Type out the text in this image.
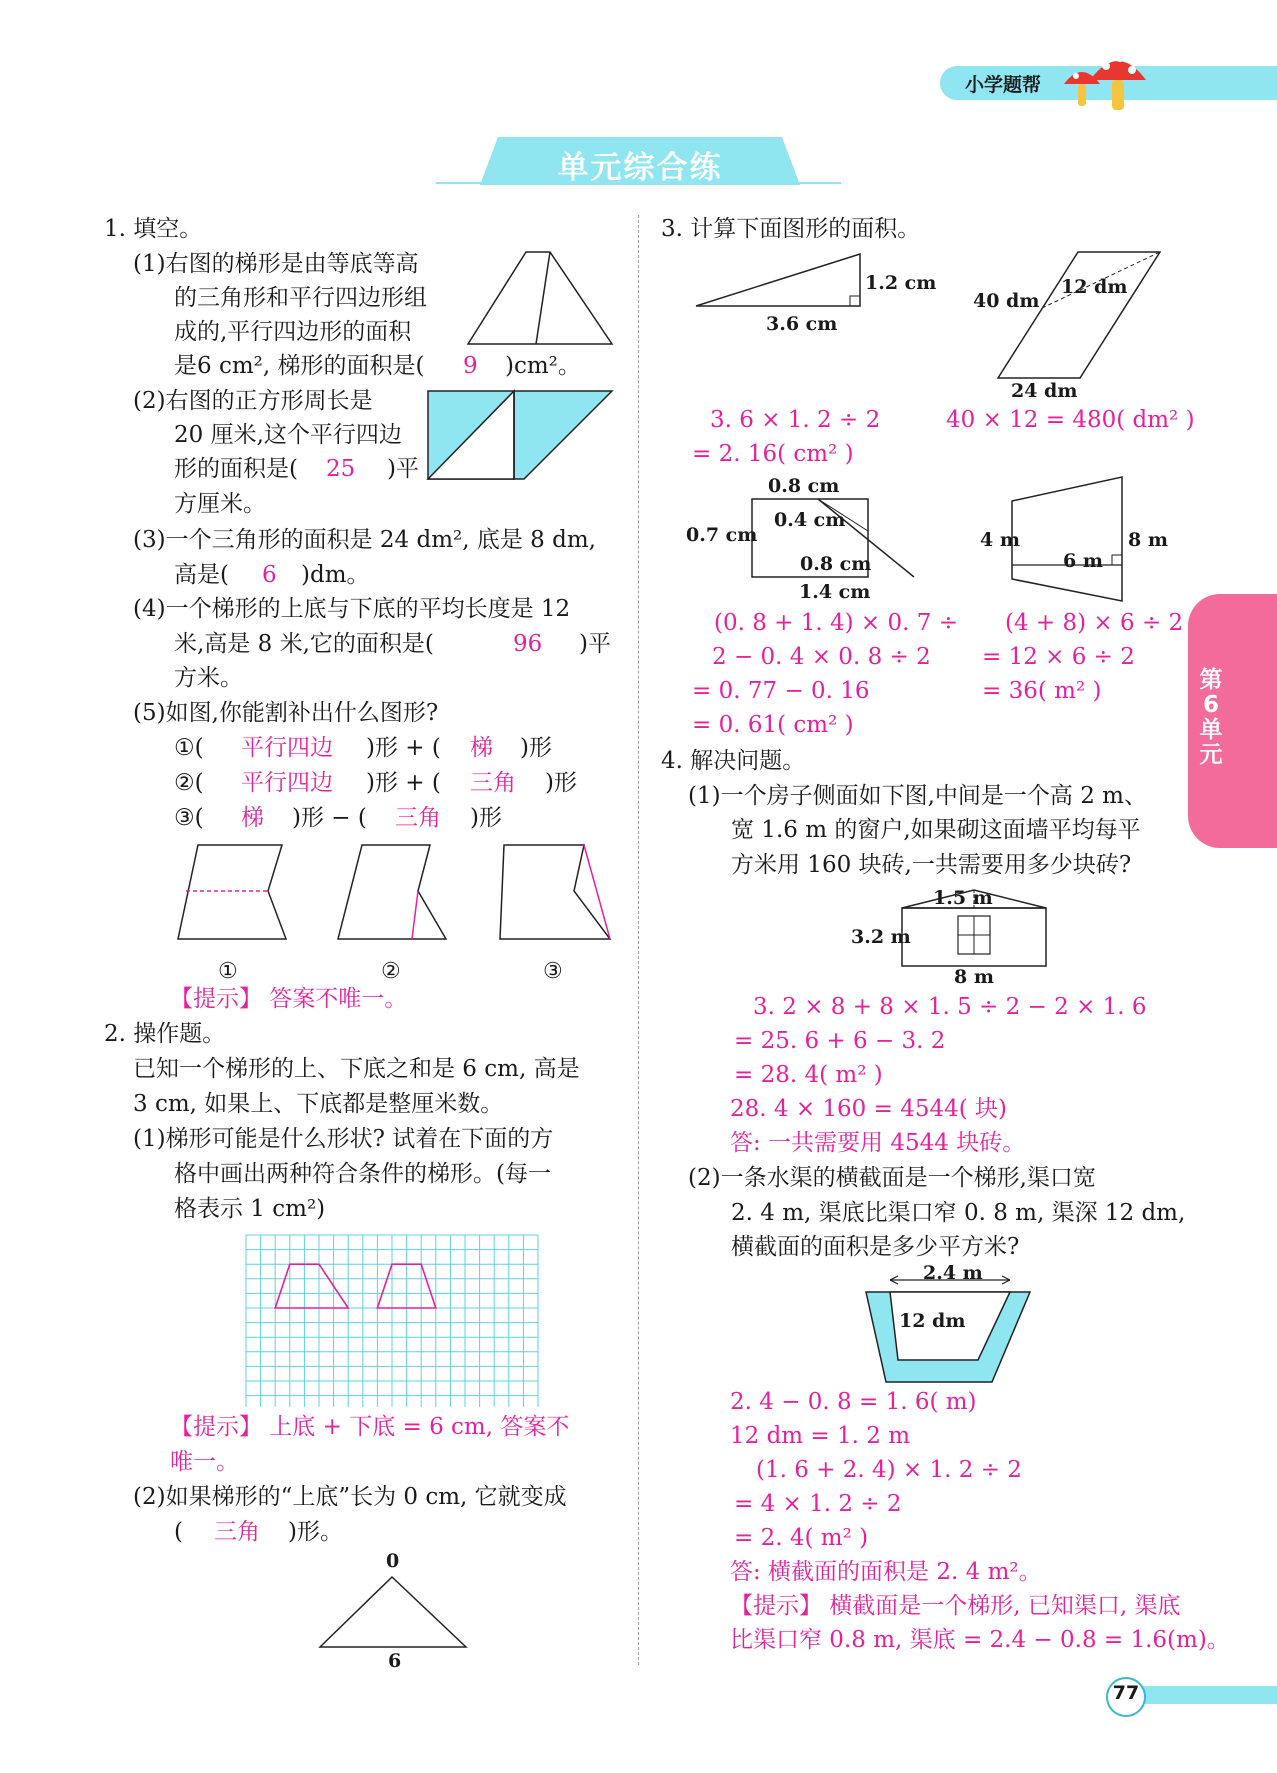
小学题帮
单元综合练
第6单元
77
1. 填空。
(1)右图的梯形是由等底等高
的三角形和平行四边形组
成的,平行四边形的面积
是6 cm², 梯形的面积是( 9 )cm²。
(2)右图的正方形周长是
20 厘米,这个平行四边
形的面积是( 25 )平
方厘米。
(3)一个三角形的面积是 24 dm², 底是 8 dm,
高是( 6 )dm。
(4)一个梯形的上底与下底的平均长度是 12
米,高是 8 米,它的面积是(	96 )平
方米。
(5)如图,你能割补出什么图形?
①( 平行四边 )形 + ( 梯 )形
②( 平行四边 )形 + ( 三角 )形
③( 梯 )形 − ( 三角 )形
①	②	③
【提示】 答案不唯一。
2. 操作题。
已知一个梯形的上、下底之和是 6 cm, 高是
3 cm, 如果上、下底都是整厘米数。
(1)梯形可能是什么形状? 试着在下面的方
格中画出两种符合条件的梯形。(每一
格表示 1 cm²)
【提示】 上底 + 下底 = 6 cm, 答案不
唯一。
(2)如果梯形的“上底”长为 0 cm, 它就变成
( 三角 )形。
0
6
3. 计算下面图形的面积。
1.2 cm
3.6 cm
40 dm
12 dm
24 dm
3. 6 × 1. 2 ÷ 2
= 2. 16( cm² )
40 × 12 = 480( dm² )
0.8 cm
0.7 cm
0.4 cm
0.8 cm
1.4 cm
4 m	8 m
6 m
(0. 8 + 1. 4) × 0. 7 ÷
2 − 0. 4 × 0. 8 ÷ 2
= 0. 77 − 0. 16
= 0. 61( cm² )
(4 + 8) × 6 ÷ 2
= 12 × 6 ÷ 2
= 36( m² )
4. 解决问题。
(1)一个房子侧面如下图,中间是一个高 2 m、
宽 1.6 m 的窗户,如果砌这面墙平均每平
方米用 160 块砖,一共需要用多少块砖?
1.5 m
3.2 m
8 m
3. 2 × 8 + 8 × 1. 5 ÷ 2 − 2 × 1. 6
= 25. 6 + 6 − 3. 2
= 28. 4( m² )
28. 4 × 160 = 4544( 块)
答: 一共需要用 4544 块砖。
(2)一条水渠的横截面是一个梯形,渠口宽
2. 4 m, 渠底比渠口窄 0. 8 m, 渠深 12 dm,
横截面的面积是多少平方米?
2.4 m
12 dm
2. 4 − 0. 8 = 1. 6( m)
12 dm = 1. 2 m
(1. 6 + 2. 4) × 1. 2 ÷ 2
= 4 × 1. 2 ÷ 2
= 2. 4( m² )
答: 横截面的面积是 2. 4 m²。
【提示】 横截面是一个梯形, 已知渠口, 渠底
比渠口窄 0.8 m, 渠底 = 2.4 − 0.8 = 1.6(m)。
